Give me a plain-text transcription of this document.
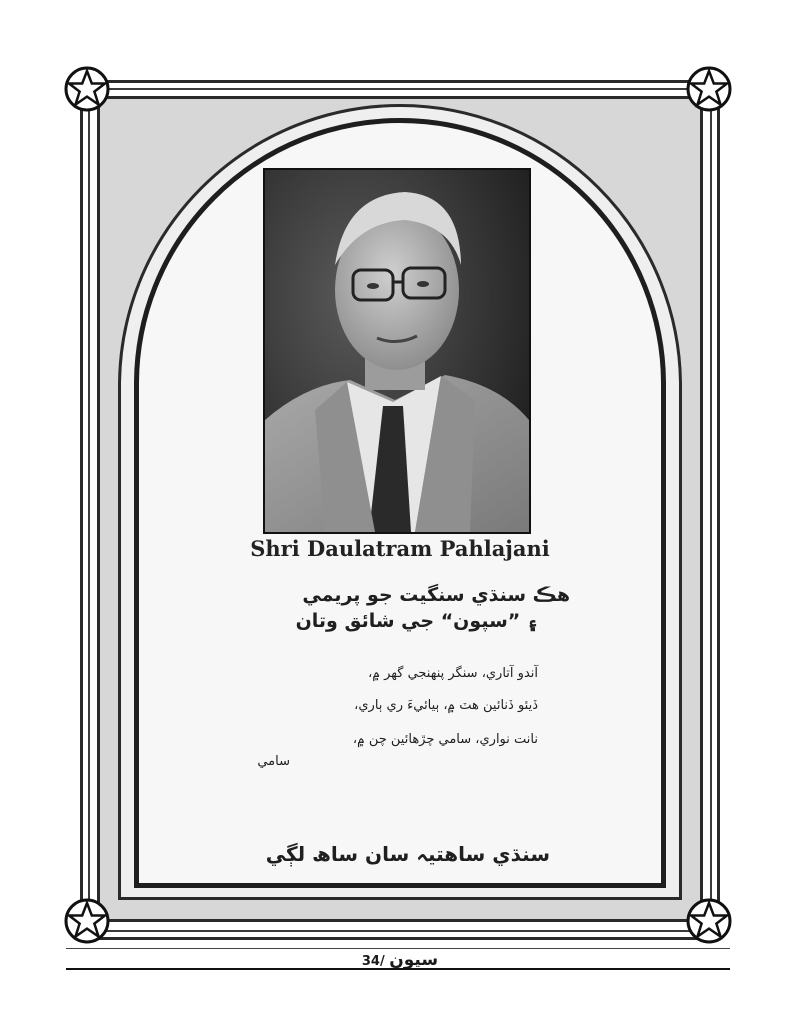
Shri Daulatram Pahlajani
هڪ سنڌي سنگيت جو پريمي
۽ ”سپون“ جي شائق وتان
آندو آتاري، سنگر پنهنجي گهر ۾،
ڏيئو ڏنائين هٽ ۾، ٻيائيءَ ري ٻاري،
نانت نواري، سامي چڙهائين چن ۾،
سامي
سنڌي ساهتيہ سان ساھ لڳي
34/ سپون
